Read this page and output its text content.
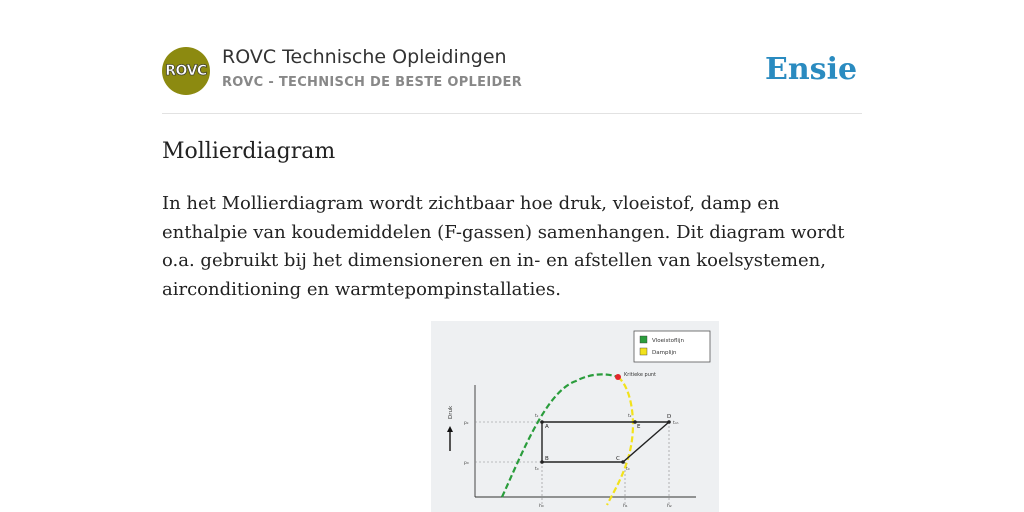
ROVC
ROVC Technische Opleidingen
ROVC - TECHNISCH DE BESTE OPLEIDER	Ensie
Mollierdiagram
In het Mollierdiagram wordt zichtbaar hoe druk, vloeistof, damp en enthalpie van koudemiddelen (F-gassen) samenhangen. Dit diagram wordt o.a. gebruikt bij het dimensioneren en in- en afstellen van koelsystemen, airconditioning en warmtepompinstallaties.
Vloeistoflijn
Damplijn
Druk
Kritieke punt
A
B	C
D
E
pₖ
p₀
tₖ	tₖ
tₒₕ
t₀	t₀
h₀	h₁	h₂
